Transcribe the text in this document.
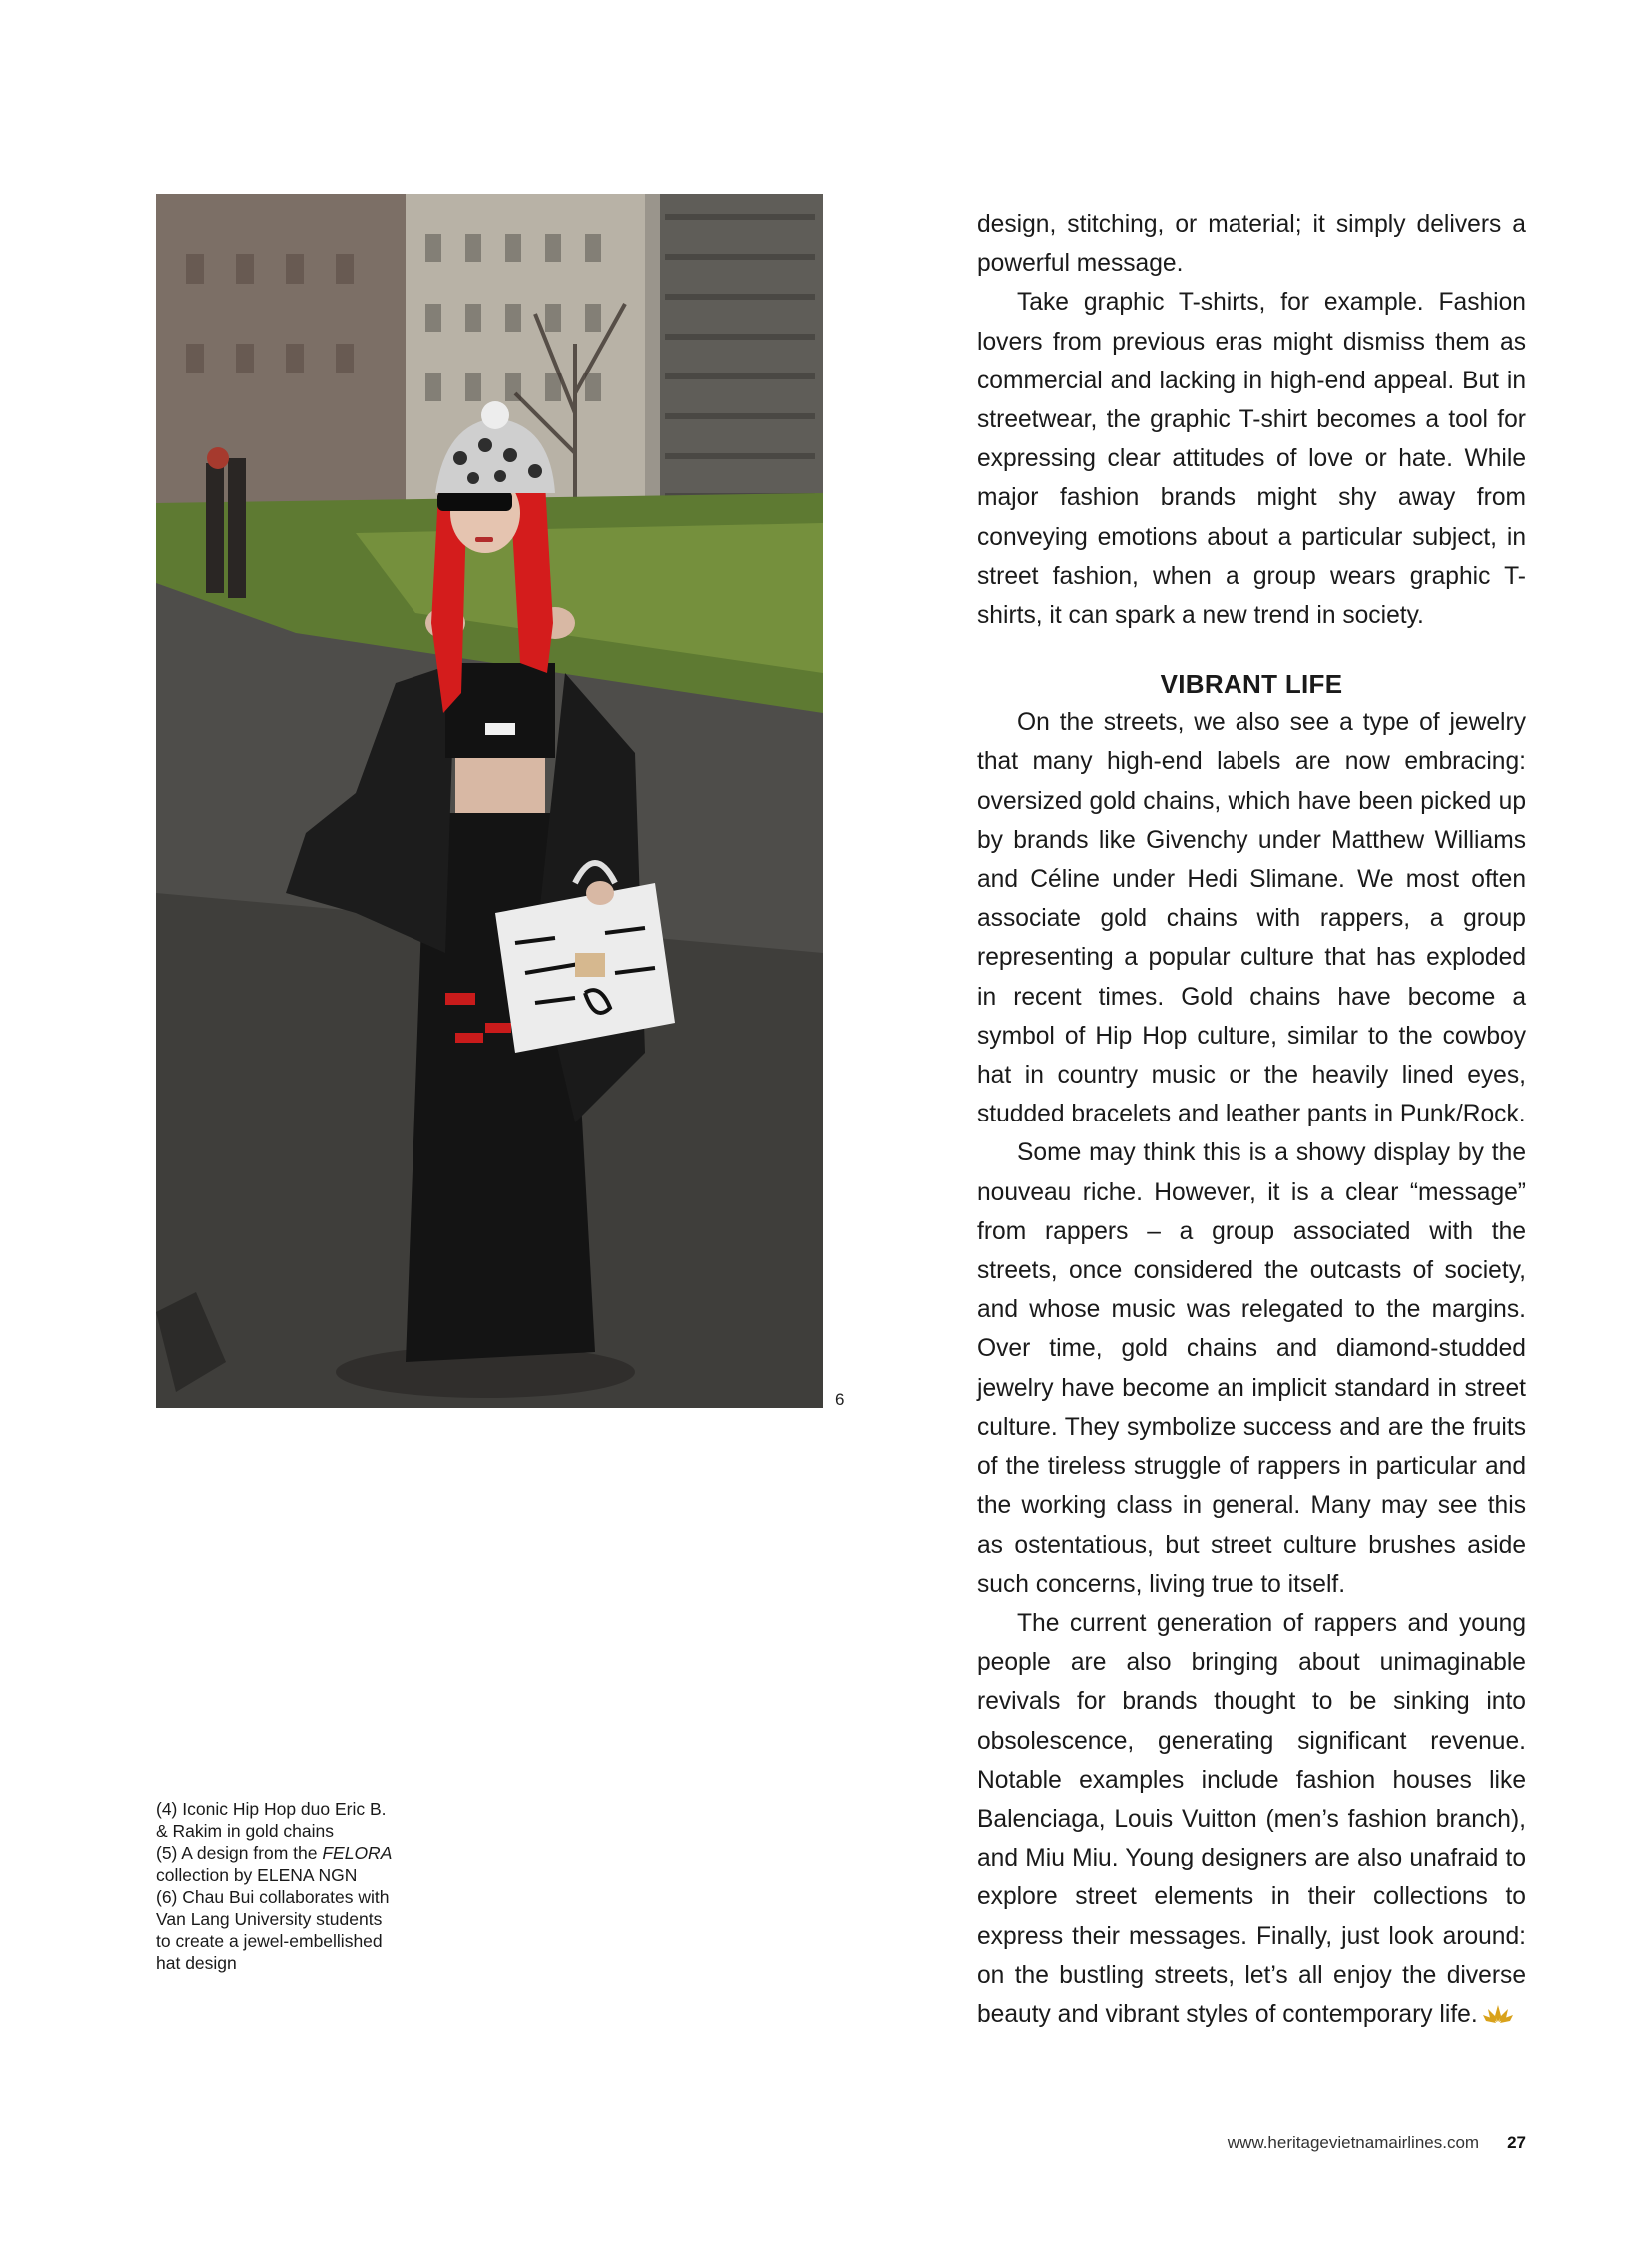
6

(4) Iconic Hip Hop duo Eric B. & Rakim in gold chains

(5) A design from the FELORA collection by ELENA NGN

(6) Chau Bui collaborates with Van Lang University students to create a jewel-embellished hat design

design, stitching, or material; it simply delivers a powerful message.

Take graphic T-shirts, for example. Fashion lovers from previous eras might dismiss them as commercial and lacking in high-end appeal. But in streetwear, the graphic T-shirt becomes a tool for expressing clear attitudes of love or hate. While major fashion brands might shy away from conveying emotions about a particular subject, in street fashion, when a group wears graphic T-shirts, it can spark a new trend in society.

VIBRANT LIFE

On the streets, we also see a type of jewelry that many high-end labels are now embracing: oversized gold chains, which have been picked up by brands like Givenchy under Matthew Williams and Céline under Hedi Slimane. We most often associate gold chains with rappers, a group representing a popular culture that has exploded in recent times. Gold chains have become a symbol of Hip Hop culture, similar to the cowboy hat in country music or the heavily lined eyes, studded bracelets and leather pants in Punk/Rock.

Some may think this is a showy display by the nouveau riche. However, it is a clear “message” from rappers – a group associated with the streets, once considered the outcasts of society, and whose music was relegated to the margins. Over time, gold chains and diamond-studded jewelry have become an implicit standard in street culture. They symbolize success and are the fruits of the tireless struggle of rappers in particular and the working class in general. Many may see this as ostentatious, but street culture brushes aside such concerns, living true to itself.

The current generation of rappers and young people are also bringing about unimaginable revivals for brands thought to be sinking into obsolescence, generating significant revenue. Notable examples include fashion houses like Balenciaga, Louis Vuitton (men’s fashion branch), and Miu Miu. Young designers are also unafraid to explore street elements in their collections to express their messages. Finally, just look around: on the bustling streets, let’s all enjoy the diverse beauty and vibrant styles of contemporary life.

www.heritagevietnamairlines.com 27
